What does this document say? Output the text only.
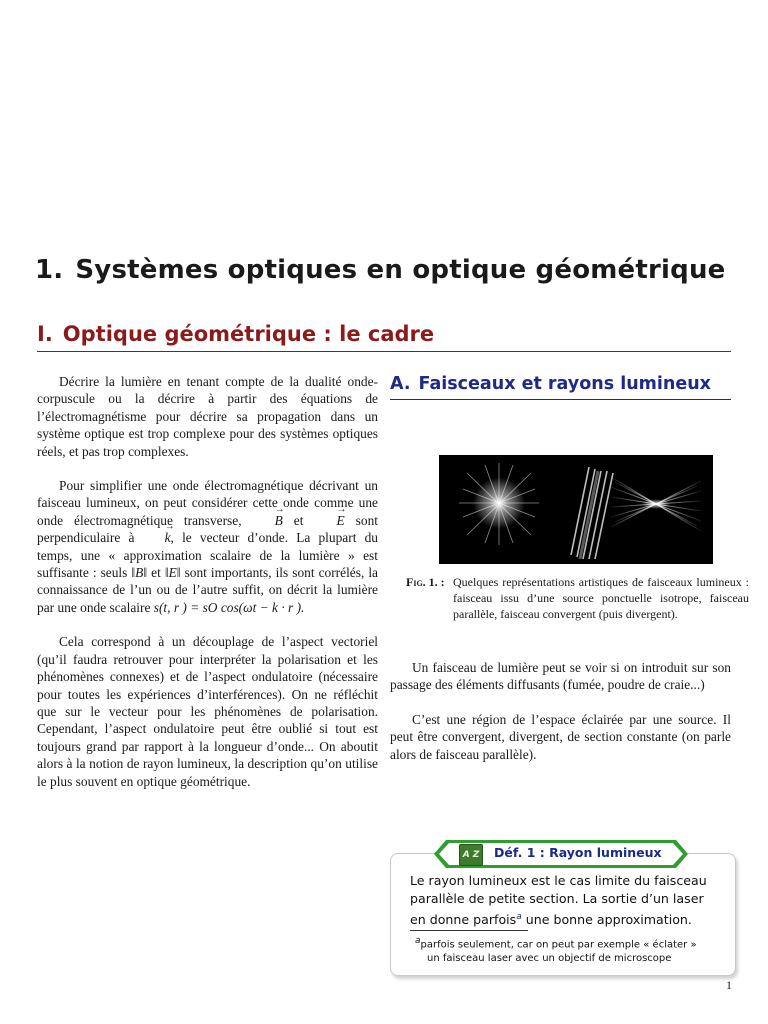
1. Systèmes optiques en optique géométrique
I. Optique géométrique : le cadre

Décrire la lumière en tenant compte de la dualité onde-corpuscule ou la décrire à partir des équations de l’électromagnétisme pour décrire sa propagation dans un système optique est trop complexe pour des systèmes optiques réels, et pas trop complexes.

Pour simplifier une onde électromagnétique décrivant un faisceau lumineux, on peut considérer cette onde comme une onde électromagnétique transverse, → B et → E sont perpendiculaire à → k, le vecteur d’onde. La plupart du temps, une « approximation scalaire de la lumière » est suffisante : seuls ‖B‖ et ‖E‖ sont importants, ils sont corrélés, la connaissance de l’un ou de l’autre suffit, on décrit la lumière par une onde scalaire s(t, r ) = sO cos(ωt − k · r ).

Cela correspond à un découplage de l’aspect vectoriel (qu’il faudra retrouver pour interpréter la polarisation et les phénomènes connexes) et de l’aspect ondulatoire (nécessaire pour toutes les expériences d’interférences). On ne réfléchit que sur le vecteur pour les phénomènes de polarisation. Cependant, l’aspect ondulatoire peut être oublié si tout est toujours grand par rapport à la longueur d’onde... On aboutit alors à la notion de rayon lumineux, la description qu’on utilise le plus souvent en optique géométrique.

A. Faisceaux et rayons lumineux
Fig. 1. : Quelques représentations artistiques de faisceaux lumineux : faisceau issu d’une source ponctuelle isotrope, faisceau parallèle, faisceau convergent (puis divergent).

Un faisceau de lumière peut se voir si on introduit sur son passage des éléments diffusants (fumée, poudre de craie...)

C’est une région de l’espace éclairée par une source. Il peut être convergent, divergent, de section constante (on parle alors de faisceau parallèle).

A Z Déf. 1 : Rayon lumineux
Le rayon lumineux est le cas limite du faisceau parallèle de petite section. La sortie d’un laser en donne parfois$^a$ une bonne approximation.
$^a$parfois seulement, car on peut par exemple « éclater »
un faisceau laser avec un objectif de microscope
1
